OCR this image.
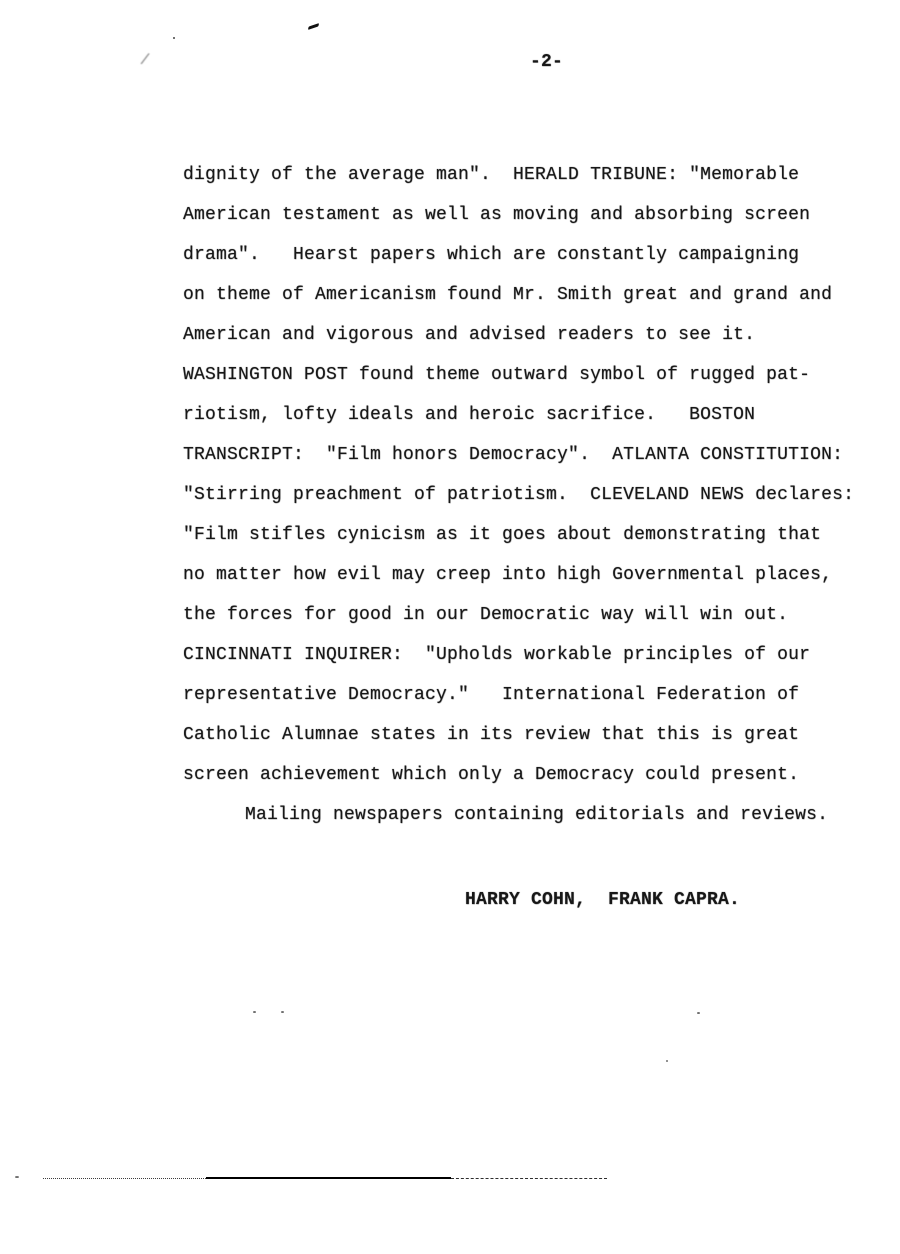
-2-
dignity of the average man".  HERALD TRIBUNE: "Memorable
American testament as well as moving and absorbing screen
drama".   Hearst papers which are constantly campaigning
on theme of Americanism found Mr. Smith great and grand and
American and vigorous and advised readers to see it.
WASHINGTON POST found theme outward symbol of rugged pat-
riotism, lofty ideals and heroic sacrifice.   BOSTON
TRANSCRIPT:  "Film honors Democracy".  ATLANTA CONSTITUTION:
"Stirring preachment of patriotism.  CLEVELAND NEWS declares:
"Film stifles cynicism as it goes about demonstrating that
no matter how evil may creep into high Governmental places,
the forces for good in our Democratic way will win out.
CINCINNATI INQUIRER:  "Upholds workable principles of our
representative Democracy."   International Federation of
Catholic Alumnae states in its review that this is great
screen achievement which only a Democracy could present.
Mailing newspapers containing editorials and reviews.
HARRY COHN,  FRANK CAPRA.
/
